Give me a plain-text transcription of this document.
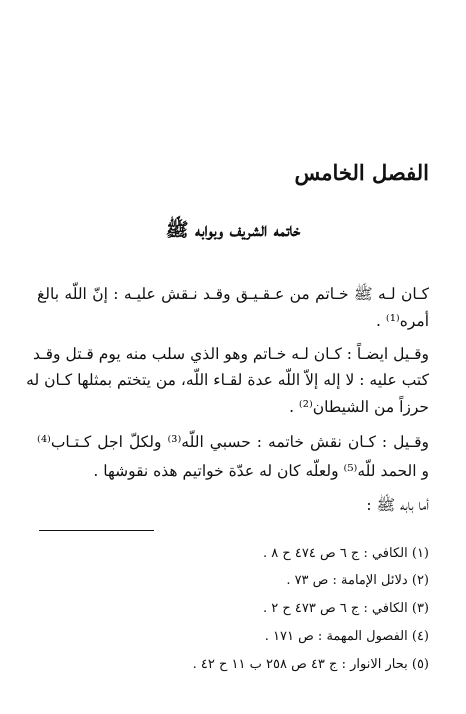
الفصل الخامس
خاتمه الشريف وبوابه ﷺ

كـان لـه ﷺ خـاتم من عـقـيـق وقـد نـقش عليـه : إنّ اللّه بالغ

أمره⁽¹⁾ .

وقـيل ايضـاً : كـان لـه خـاتم وهو الذي سلب منه يوم قـتل وقـد

كتب عليه : لا إله إلاّ اللّه عدة لقـاء اللّه، من يتختم بمثلها كـان له

حرزاً من الشيطان⁽²⁾ .

وقـيل : كـان نقش خاتمه : حسبي اللّه⁽³⁾ ولكلّ اجل كـتـاب⁽⁴⁾

و الحمد للّه⁽⁵⁾ ولعلّه كان له عدّة خواتيم هذه نقوشها .

أما بابه ﷺ :

(١) الكافي : ج ٦ ص ٤٧٤ ح ٨ .

(٢) دلائل الإمامة : ص ٧٣ .

(٣) الكافي : ج ٦ ص ٤٧٣ ح ٢ .

(٤) الفصول المهمة : ص ١٧١ .

(٥) بحار الانوار : ج ٤٣ ص ٢٥٨ ب ١١ ح ٤٢ .
